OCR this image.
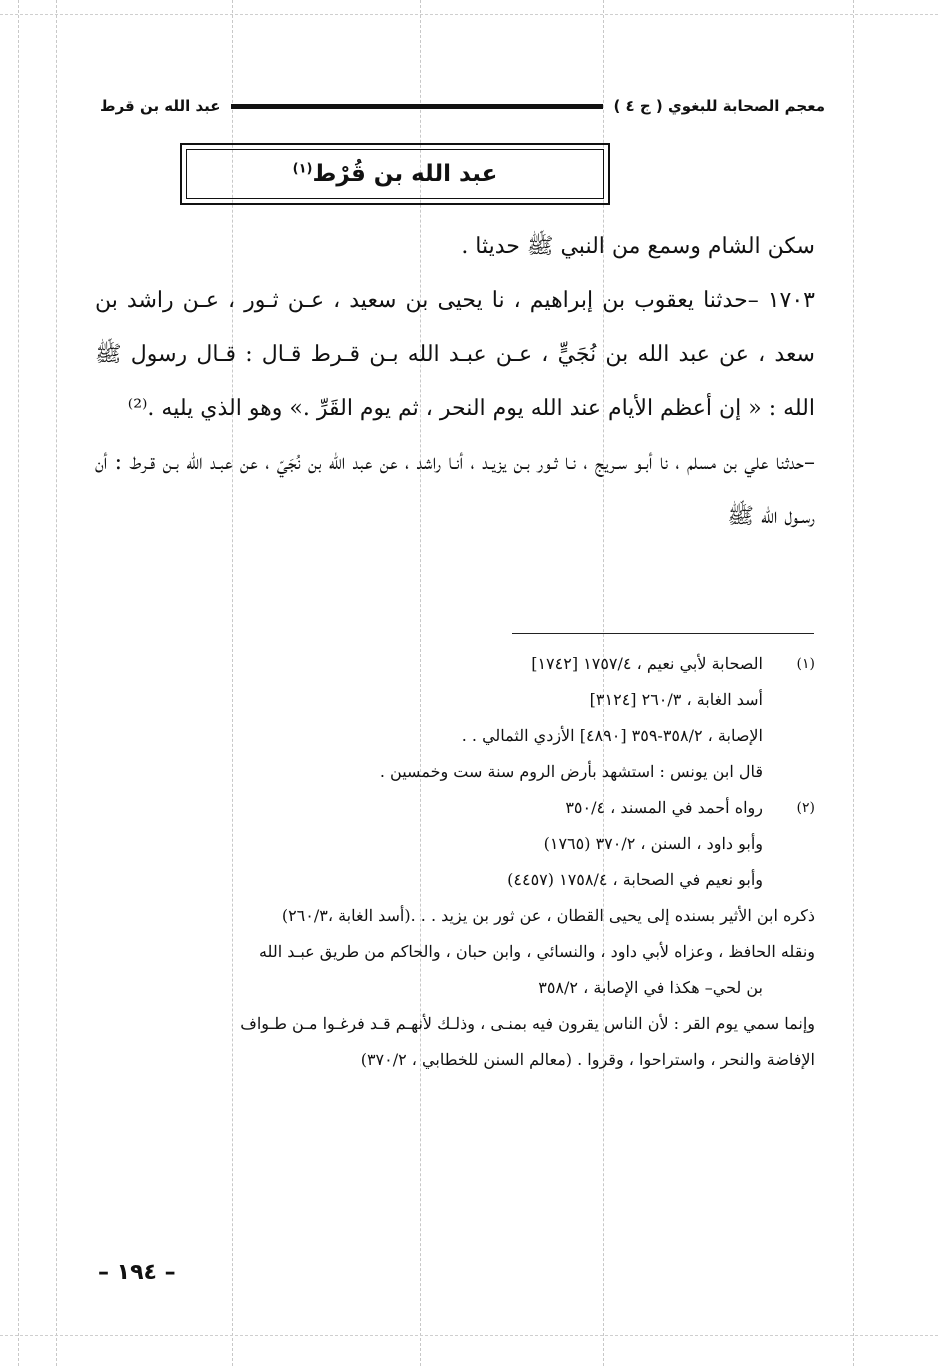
معجم الصحابة للبغوي ( ج ٤ )
عبد الله بن قرط
عبد الله بن قُرْط$^{(١)}$

سكن الشام وسمع من النبي ﷺ حديثا .

١٧٠٣ –حدثنا يعقوب بن إبراهيم ، نا يحيى بن سعيد ، عـن ثـور ، عـن راشد بن سعد ، عن عبد الله بن نُجَيٍّ ، عـن عبـد الله بـن قـرط قـال : قـال رسول ﷺ الله : « إن أعظم الأيام عند الله يوم النحر ، ثم يوم القَرِّ .» وهو الذي يليه .⁽²⁾

–حدثنا علي بن مسلم ، نا أبـو سـريج ، نـا ثـور بـن يزيـد ، أنـا راشد ، عن عبد الله بن نُجَيّ ، عن عبـد الله بـن قـرط : أن رسـول الله ﷺ

(١)
الصحابة لأبي نعيم ، ١٧٥٧/٤ [١٧٤٢]

أسد الغابة ، ٢٦٠/٣ [٣١٢٤]

الإصابة ، ٣٥٨/٢-٣٥٩ [٤٨٩٠] الأزدي الثمالي . .

قال ابن يونس : استشهد بأرض الروم سنة ست وخمسين .

(٢)
رواه أحمد في المسند ، ٣٥٠/٤

وأبو داود ، السنن ، ٣٧٠/٢ (١٧٦٥)

وأبو نعيم في الصحابة ، ١٧٥٨/٤ (٤٤٥٧)

ذكره ابن الأثير بسنده إلى يحيى القطان ، عن ثور بن يزيد . . .(أسد الغابة ،٢٦٠/٣)

ونقله الحافظ ، وعزاه لأبي داود ، والنسائي ، وابن حبان ، والحاكم من طريق عبـد الله

بن لحي– هكذا في الإصابة ، ٣٥٨/٢

وإنما سمي يوم القر : لأن الناس يقرون فيه بمنـى ، وذلـك لأنهـم قـد فرغـوا مـن طـواف

الإفاضة والنحر ، واستراحوا ، وقروا . (معالم السنن للخطابي ، ٣٧٠/٢)

– ١٩٤ –
